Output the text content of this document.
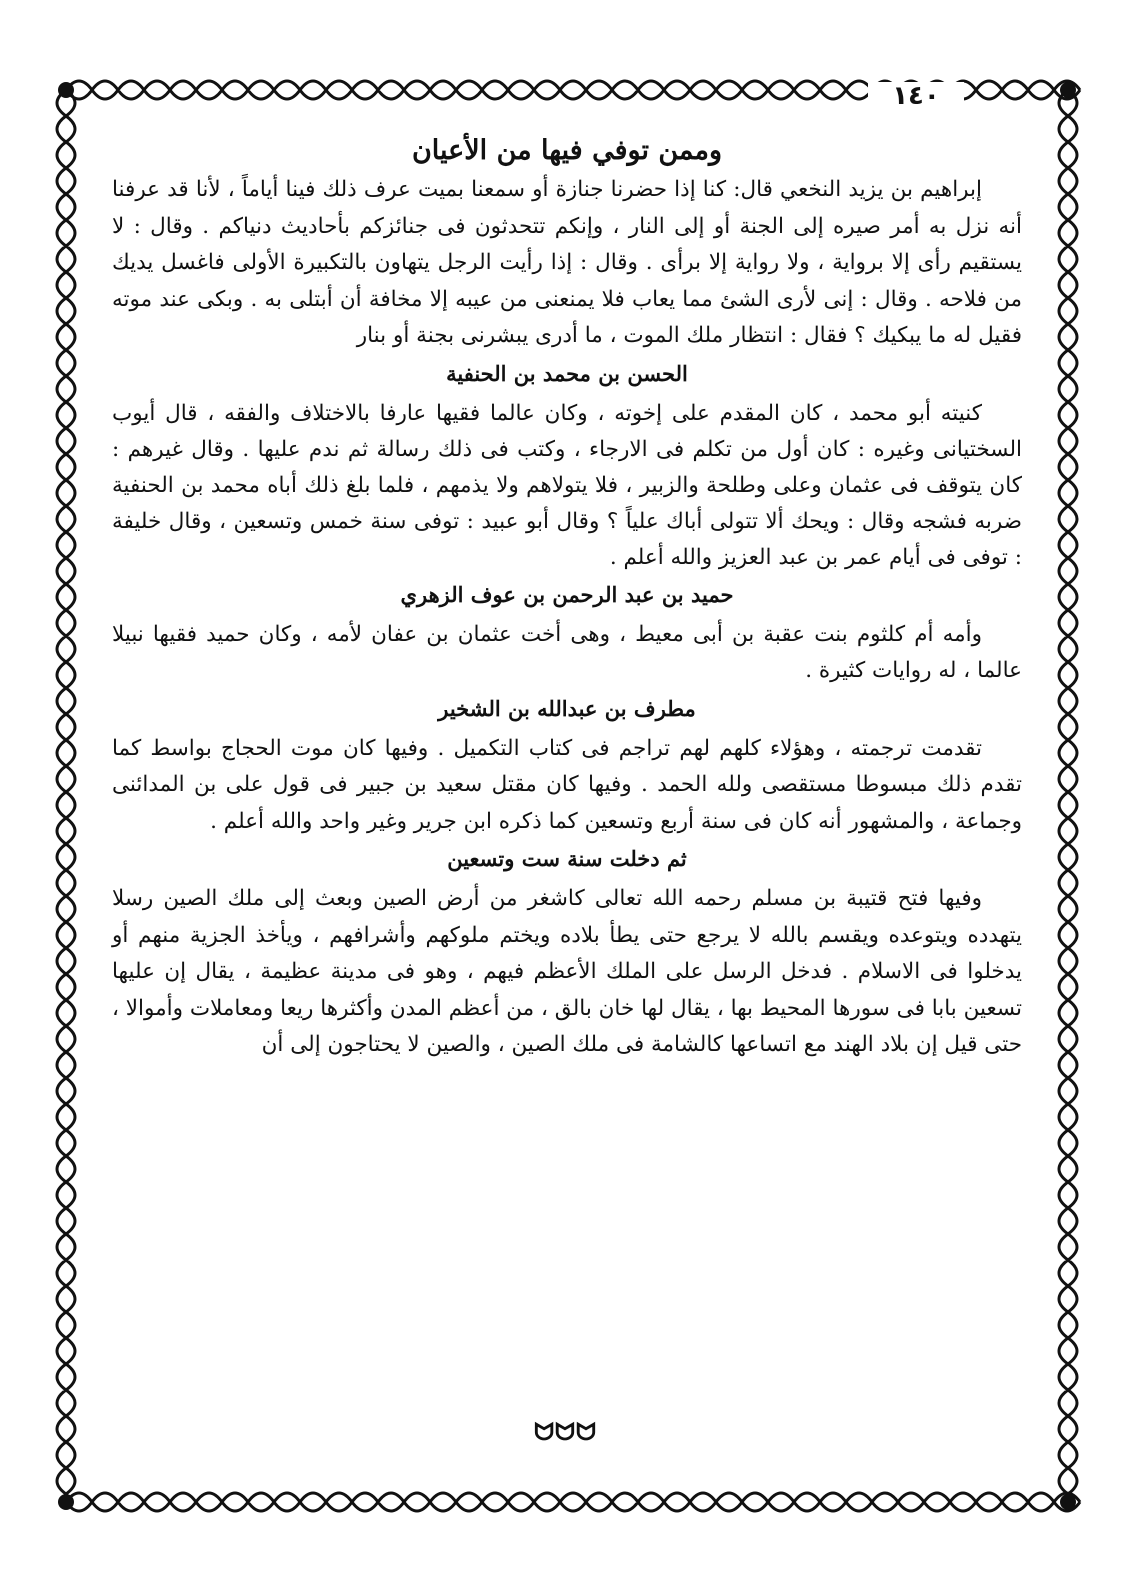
١٤٠
وممن توفي فيها من الأعيان

إبراهيم بن يزيد النخعي قال: كنا إذا حضرنا جنازة أو سمعنا بميت عرف ذلك فينا أياماً ، لأنا قد عرفنا أنه نزل به أمر صيره إلى الجنة أو إلى النار ، وإنكم تتحدثون فى جنائزكم بأحاديث دنياكم . وقال : لا يستقيم رأى إلا برواية ، ولا رواية إلا برأى . وقال : إذا رأيت الرجل يتهاون بالتكبيرة الأولى فاغسل يديك من فلاحه . وقال : إنى لأرى الشئ مما يعاب فلا يمنعنى من عيبه إلا مخافة أن أبتلى به . وبكى عند موته فقيل له ما يبكيك ؟ فقال : انتظار ملك الموت ، ما أدرى يبشرنى بجنة أو بنار

الحسن بن محمد بن الحنفية

كنيته أبو محمد ، كان المقدم على إخوته ، وكان عالما فقيها عارفا بالاختلاف والفقه ، قال أيوب السختيانى وغيره : كان أول من تكلم فى الارجاء ، وكتب فى ذلك رسالة ثم ندم عليها . وقال غيرهم : كان يتوقف فى عثمان وعلى وطلحة والزبير ، فلا يتولاهم ولا يذمهم ، فلما بلغ ذلك أباه محمد بن الحنفية ضربه فشجه وقال : ويحك ألا تتولى أباك علياً ؟ وقال أبو عبيد : توفى سنة خمس وتسعين ، وقال خليفة : توفى فى أيام عمر بن عبد العزيز والله أعلم .

حميد بن عبد الرحمن بن عوف الزهري

وأمه أم كلثوم بنت عقبة بن أبى معيط ، وهى أخت عثمان بن عفان لأمه ، وكان حميد فقيها نبيلا عالما ، له روايات كثيرة .

مطرف بن عبدالله بن الشخير

تقدمت ترجمته ، وهؤلاء كلهم لهم تراجم فى كتاب التكميل . وفيها كان موت الحجاج بواسط كما تقدم ذلك مبسوطا مستقصى ولله الحمد . وفيها كان مقتل سعيد بن جبير فى قول على بن المدائنى وجماعة ، والمشهور أنه كان فى سنة أربع وتسعين كما ذكره ابن جرير وغير واحد والله أعلم .

ثم دخلت سنة ست وتسعين

وفيها فتح قتيبة بن مسلم رحمه الله تعالى كاشغر من أرض الصين وبعث إلى ملك الصين رسلا يتهدده ويتوعده ويقسم بالله لا يرجع حتى يطأ بلاده ويختم ملوكهم وأشرافهم ، ويأخذ الجزية منهم أو يدخلوا فى الاسلام . فدخل الرسل على الملك الأعظم فيهم ، وهو فى مدينة عظيمة ، يقال إن عليها تسعين بابا فى سورها المحيط بها ، يقال لها خان بالق ، من أعظم المدن وأكثرها ريعا ومعاملات وأموالا ، حتى قيل إن بلاد الهند مع اتساعها كالشامة فى ملك الصين ، والصين لا يحتاجون إلى أن

ᗢᗢᗢ
